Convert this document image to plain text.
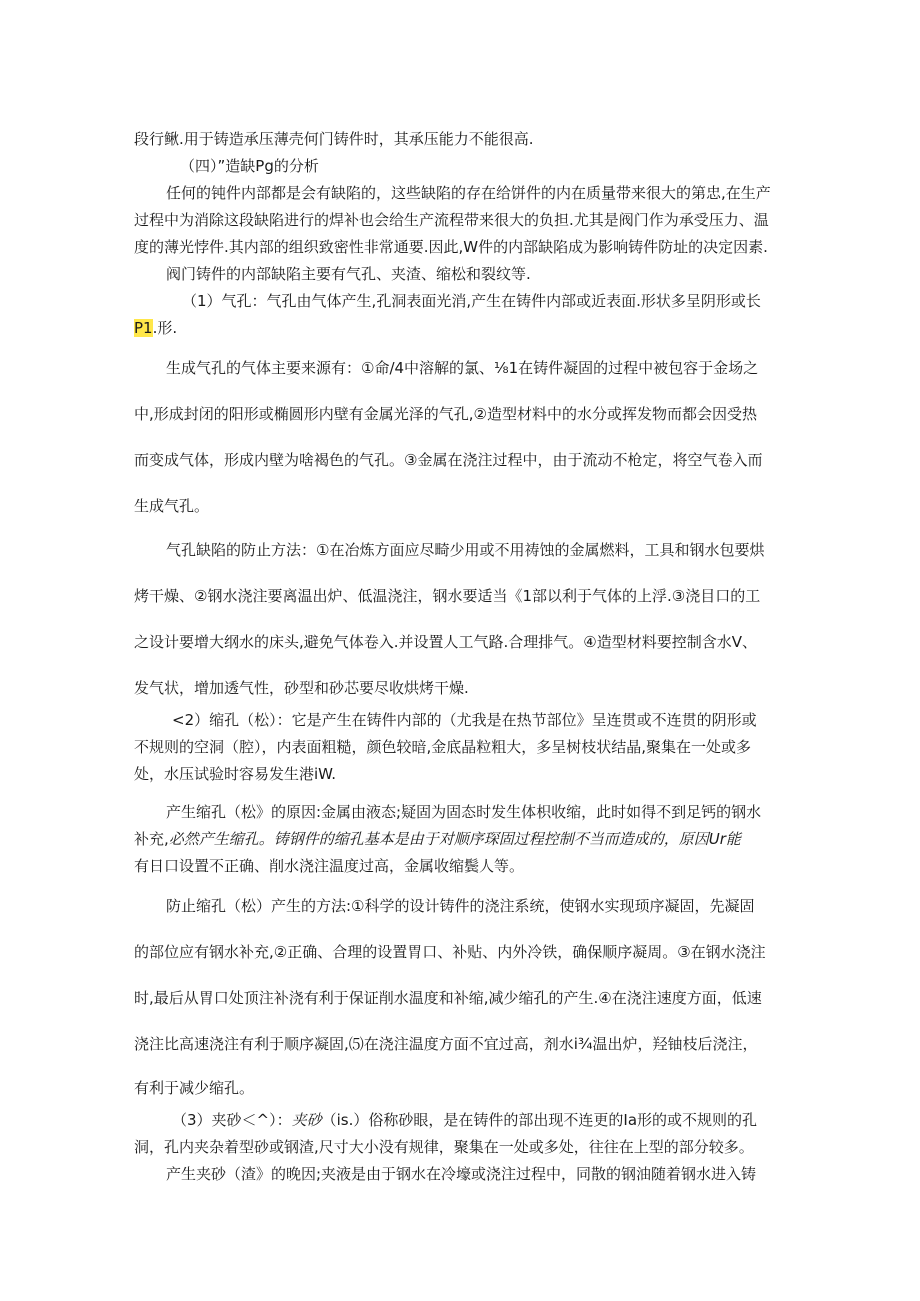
段行鳅.用于铸造承压薄壳何门铸件时，其承压能力不能很高.
（四）”造缺Pg的分析
任何的钝件内部都是会有缺陷的，这些缺陷的存在给饼件的内在质量带来很大的第忠,在生产
过程中为消除这段缺陷进行的焊补也会给生产流程带来很大的负担.尤其是阀门作为承受压力、温
度的薄光悖件.其内部的组织致密性非常通要.因此,W件的内部缺陷成为影响铸件防址的决定因素.
阀门铸件的内部缺陷主要有气孔、夹渣、缩松和裂纹等.
（1）气孔：气孔由气体产生,孔洞表面光消,产生在铸件内部或近表面.形状多呈阴形或长
P1.形.
生成气孔的气体主要来源有：①命/4中溶解的氯、⅛1在铸件凝固的过程中被包容于金场之
中,形成封闭的阳形或椭圆形内壁有金属光泽的气孔,②造型材料中的水分或挥发物而都会因受热
而变成气体，形成内壁为啥褐色的气孔。③金属在浇注过程中，由于流动不枪定，将空气卷入而
生成气孔。
气孔缺陷的防止方法：①在冶炼方面应尽畸少用或不用祷蚀的金属燃料，工具和钢水包要烘
烤干燥、②钢水浇注要离温出炉、低温浇注，钢水要适当《1部以利于气体的上浮.③浇目口的工
之设计要增大纲水的床头,避免气体卷入.并设置人工气路.合理排气。④造型材料要控制含水V、
发气状，增加透气性，砂型和砂芯要尽收烘烤干燥.
<2）缩孔（松）：它是产生在铸件内部的（尤我是在热节部位》呈连贯或不连贯的阴形或
不规则的空洞（腔），内表面粗糙，颜色较暗,金底晶粒粗大，多呈树枝状结晶,聚集在一处或多
处，水压试验时容易发生港iW.
产生缩孔（松》的原因:金属由液态;疑固为固态时发生体枳收缩，此时如得不到足钙的钢水
补充,必然产生缩孔。铸钢件的缩孔基本是由于对顺序琛固过程控制不当而造成的，原因Ur能
有日口设置不正确、削水浇注温度过高，金属收缩鬓人等。
防止缩孔（松）产生的方法:①科学的设计铸件的浇注系统，使钢水实现顼序凝固，先凝固
的部位应有钢水补充,②正确、合理的设置胃口、补贴、内外冷铁，确保顺序凝周。③在钢水浇注
时,最后从胃口处顶注补浇有利于保证削水温度和补缩,减少缩孔的产生.④在浇注速度方面，低速
浇注比高速浇注有利于顺序凝固,⑸在浇注温度方面不宜过高，剂水i¾温出炉，羟铀枝后浇注，
有利于减少缩孔。
（3）夹砂＜^）：夹砂（is.）俗称砂眼，是在铸件的部出现不连更的Ia形的或不规则的孔
洞，孔内夹杂着型砂或钢渣,尺寸大小没有规律，聚集在一处或多处，往往在上型的部分较多。
产生夹砂（渣》的晚因;夹液是由于钢水在冷壕或浇注过程中，同散的钢油随着钢水进入铸
